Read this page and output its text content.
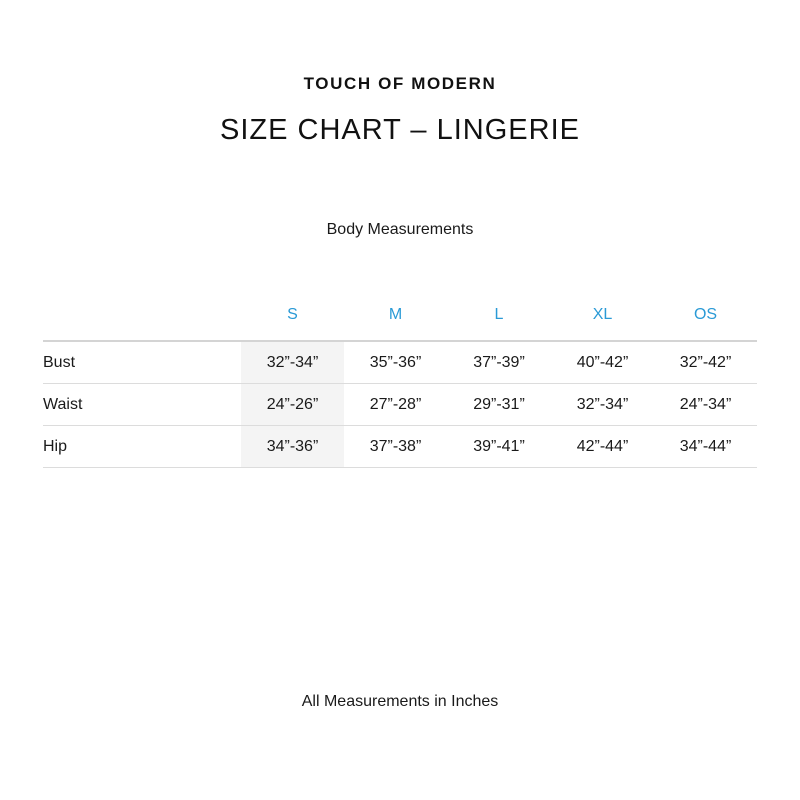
TOUCH OF MODERN
SIZE CHART – LINGERIE
Body Measurements
	S	M	L	XL	OS
Bust	32”-34”	35”-36”	37”-39”	40”-42”	32”-42”
Waist	24”-26”	27”-28”	29”-31”	32”-34”	24”-34”
Hip	34”-36”	37”-38”	39”-41”	42”-44”	34”-44”
All Measurements in Inches
